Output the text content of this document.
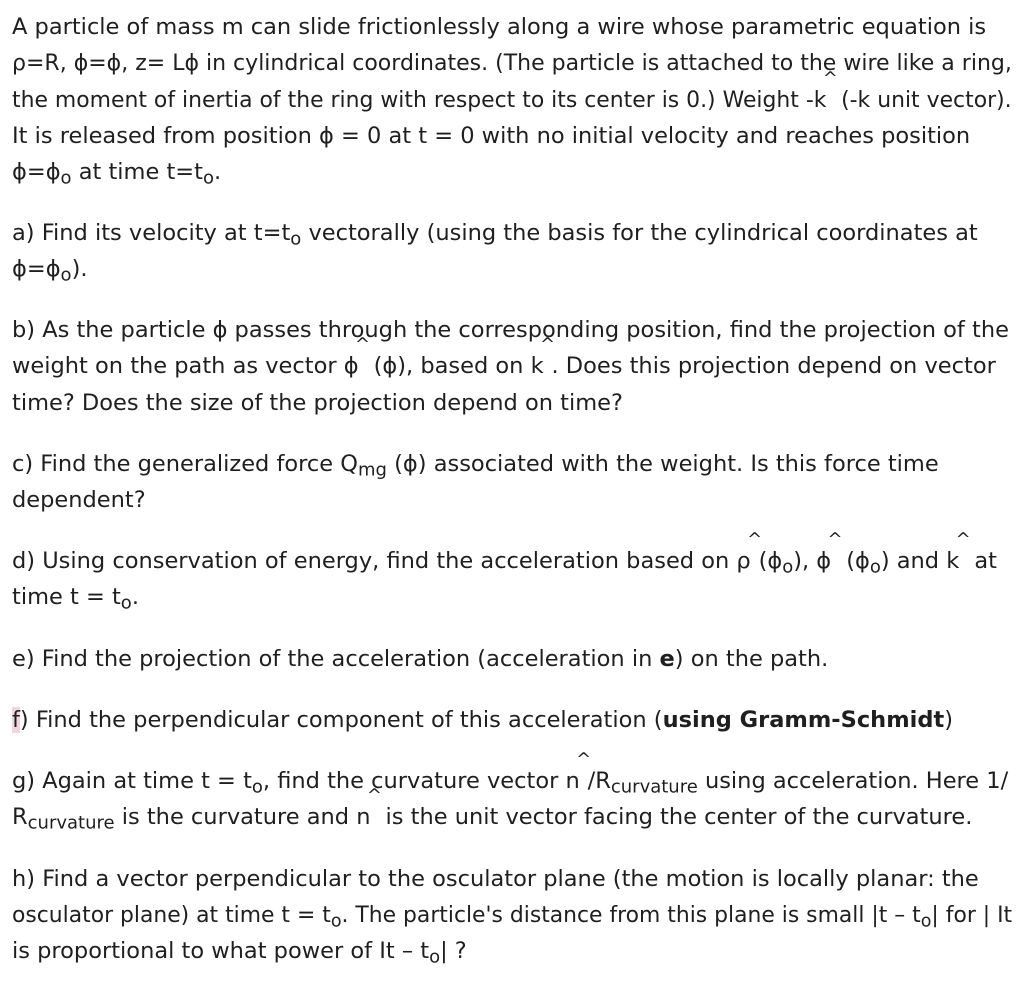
A particle of mass m can slide frictionlessly along a wire whose parametric equation is
ρ=R, ϕ=ϕ, z= Lϕ in cylindrical coordinates. (The particle is attached to the wire like a ring,
the moment of inertia of the ring with respect to its center is 0.) Weight -k ^ (-k unit vector).
It is released from position ϕ = 0 at t = 0 with no initial velocity and reaches position
$\phi=\phi_o$ at time $t=t_o$.
a) Find its velocity at $t=t_o$ vectorally (using the basis for the cylindrical coordinates at
$\phi=\phi_o$).
b) As the particle ϕ passes through the corresponding position, find the projection of the
weight on the path as vector ϕ ^ (ϕ), based on k ^ . Does this projection depend on vector
time? Does the size of the projection depend on time?
c) Find the generalized force $Q_{mg}$ (ϕ) associated with the weight. Is this force time
dependent?
d) Using conservation of energy, find the acceleration based on ρ ^ $(\phi_o)$, ϕ ^ $(\phi_o)$ and k ^ at
time $t = t_o$.
e) Find the projection of the acceleration (acceleration in e) on the path.
f) Find the perpendicular component of this acceleration (using Gramm-Schmidt)
g) Again at time $t = t_o$, find the curvature vector n ^ $/R_{curvature}$ using acceleration. Here 1/
$R_{curvature}$ is the curvature and n ^ is the unit vector facing the center of the curvature.
h) Find a vector perpendicular to the osculator plane (the motion is locally planar: the
osculator plane) at time $t = t_o$. The particle's distance from this plane is small $|t - t_o|$ for | It
is proportional to what power of It – $t_o|$ ?
